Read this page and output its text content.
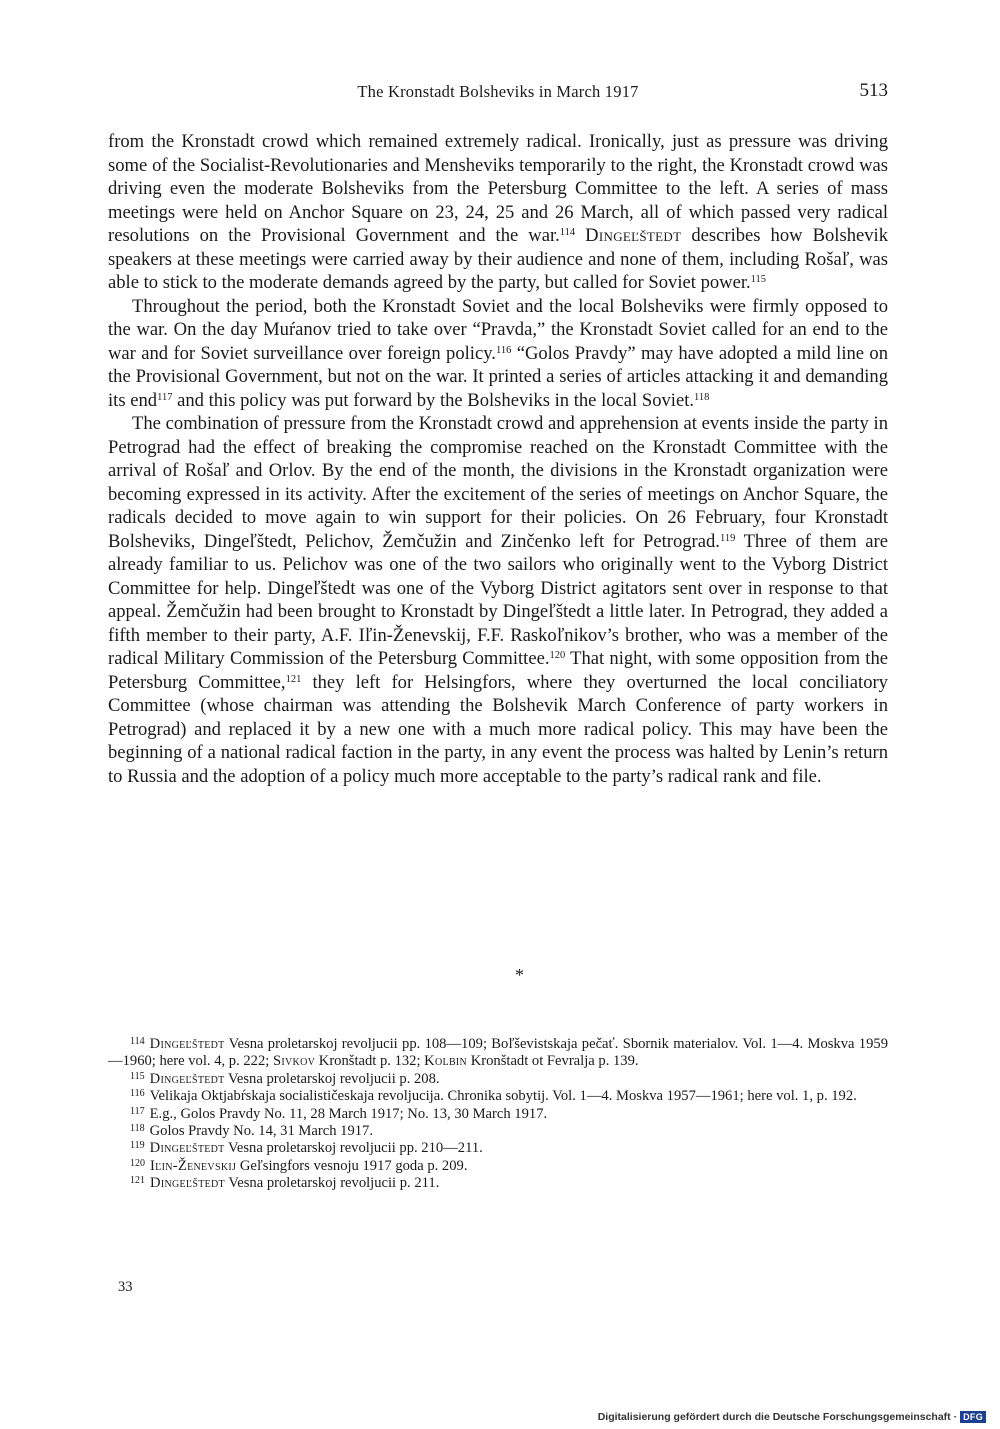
The Kronstadt Bolsheviks in March 1917	513

from the Kronstadt crowd which remained extremely radical. Ironically, just as pressure was driving some of the Socialist-Revolutionaries and Mensheviks temporarily to the right, the Kronstadt crowd was driving even the moderate Bolsheviks from the Petersburg Committee to the left. A series of mass meetings were held on Anchor Square on 23, 24, 25 and 26 March, all of which passed very radical resolutions on the Provisional Government and the war.$^{114}$ Dingeľštedt describes how Bolshevik speakers at these meetings were carried away by their audience and none of them, including Rošaľ, was able to stick to the moderate demands agreed by the party, but called for Soviet power.$^{115}$

Throughout the period, both the Kronstadt Soviet and the local Bolsheviks were firmly opposed to the war. On the day Muŕanov tried to take over “Pravda,” the Kronstadt Soviet called for an end to the war and for Soviet surveillance over foreign policy.$^{116}$ “Golos Pravdy” may have adopted a mild line on the Provisional Government, but not on the war. It printed a series of articles attacking it and demanding its end$^{117}$ and this policy was put forward by the Bolsheviks in the local Soviet.$^{118}$

The combination of pressure from the Kronstadt crowd and apprehension at events inside the party in Petrograd had the effect of breaking the compromise reached on the Kronstadt Committee with the arrival of Rošaľ and Orlov. By the end of the month, the divisions in the Kronstadt organization were becoming expressed in its activity. After the excitement of the series of meetings on Anchor Square, the radicals decided to move again to win support for their policies. On 26 February, four Kronstadt Bolsheviks, Dingeľštedt, Pelichov, Žemčužin and Zinčenko left for Petrograd.$^{119}$ Three of them are already familiar to us. Pelichov was one of the two sailors who originally went to the Vyborg District Committee for help. Dingeľštedt was one of the Vyborg District agitators sent over in response to that appeal. Žemčužin had been brought to Kronstadt by Dingeľštedt a little later. In Petrograd, they added a fifth member to their party, A.F. Iľin-Ženevskij, F.F. Raskoľnikov’s brother, who was a member of the radical Military Commission of the Petersburg Committee.$^{120}$ That night, with some opposition from the Petersburg Committee,$^{121}$ they left for Helsingfors, where they overturned the local conciliatory Committee (whose chairman was attending the Bolshevik March Conference of party workers in Petrograd) and replaced it by a new one with a much more radical policy. This may have been the beginning of a national radical faction in the party, in any event the process was halted by Lenin’s return to Russia and the adoption of a policy much more acceptable to the party’s radical rank and file.

*

$^{114}$ Dingeľštedt Vesna proletarskoj revoljucii pp. 108—109; Boľševistskaja pečať. Sbornik materialov. Vol. 1—4. Moskva 1959—1960; here vol. 4, p. 222; Sivkov Kronštadt p. 132; Kolbin Kronštadt ot Fevralja p. 139.

$^{115}$ Dingeľštedt Vesna proletarskoj revoljucii p. 208.

$^{116}$ Velikaja Oktjabŕskaja socialističeskaja revoljucija. Chronika sobytij. Vol. 1—4. Moskva 1957—1961; here vol. 1, p. 192.

$^{117}$ E.g., Golos Pravdy No. 11, 28 March 1917; No. 13, 30 March 1917.

$^{118}$ Golos Pravdy No. 14, 31 March 1917.

$^{119}$ Dingeľštedt Vesna proletarskoj revoljucii pp. 210—211.

$^{120}$ Iľin-Ženevskij Geľsingfors vesnoju 1917 goda p. 209.

$^{121}$ Dingeľštedt Vesna proletarskoj revoljucii p. 211.

33
Digitalisierung gefördert durch die Deutsche Forschungsgemeinschaft · DFG
